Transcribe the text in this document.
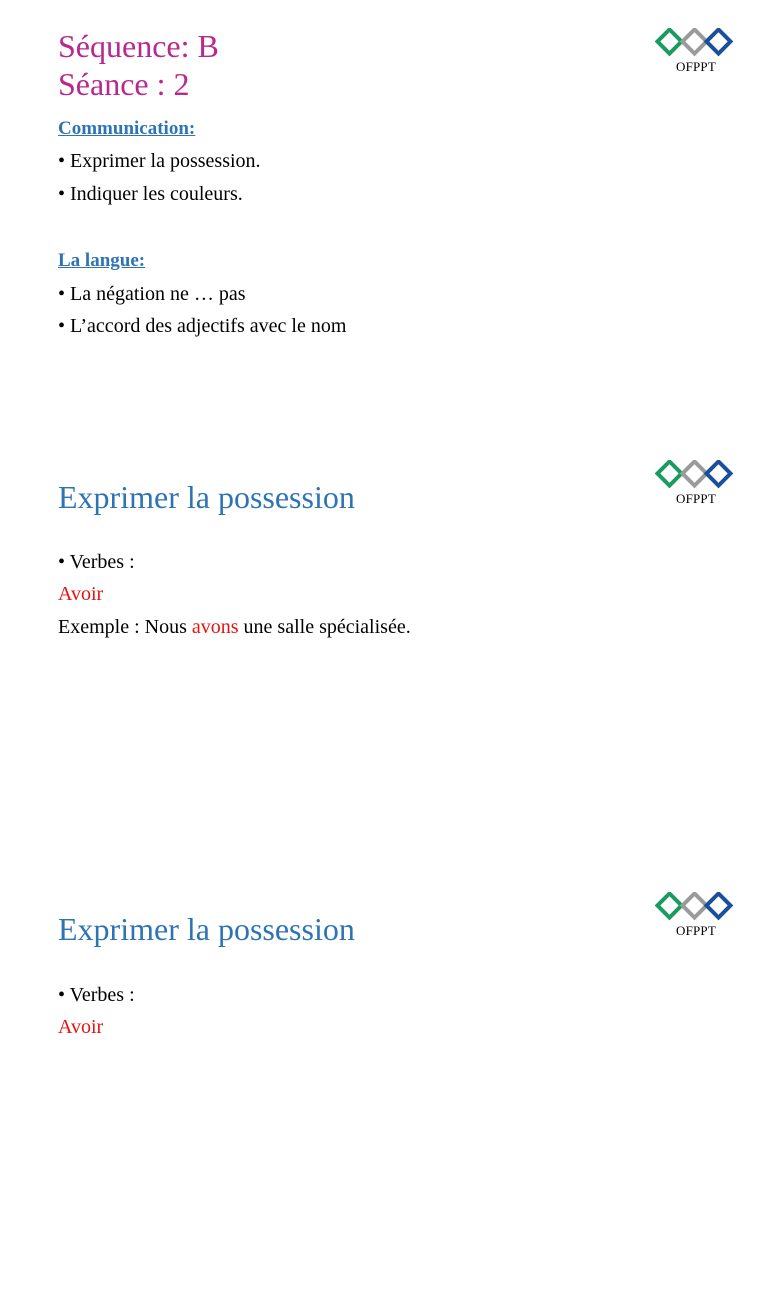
Séquence: B
Séance : 2	OFPPT
Communication:
• Exprimer la possession.
• Indiquer les couleurs.
La langue:
• La négation ne … pas
• L’accord des adjectifs avec le nom
Exprimer la possession	OFPPT
• Verbes :
Avoir
Exemple : Nous avons une salle spécialisée.
Exprimer la possession	OFPPT
• Verbes :
Avoir
